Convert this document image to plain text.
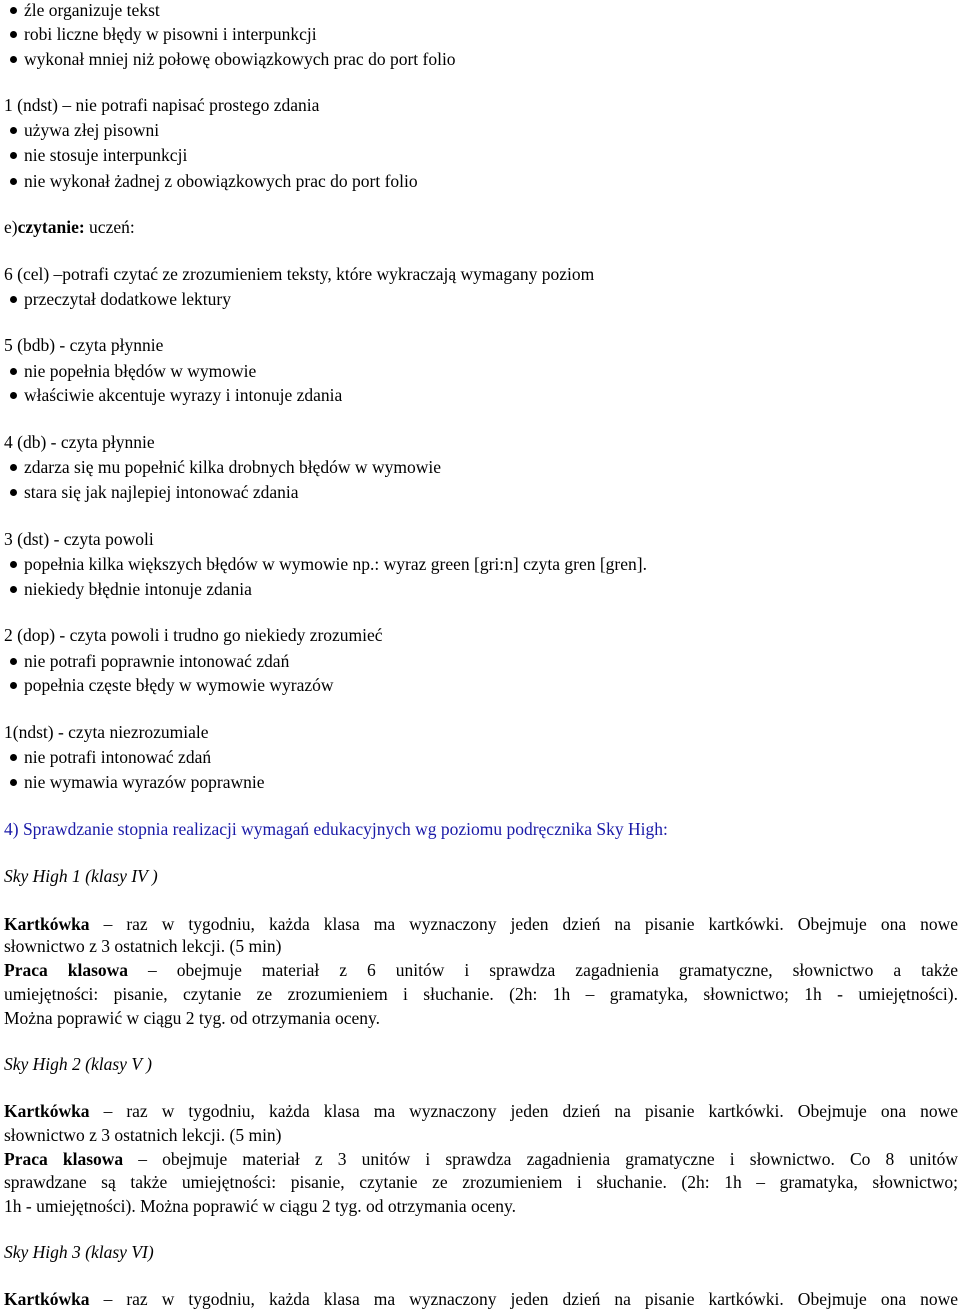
źle organizuje tekst

robi liczne błędy w pisowni i interpunkcji

wykonał mniej niż połowę obowiązkowych prac do port folio

1 (ndst) – nie potrafi napisać prostego zdania

używa złej pisowni

nie stosuje interpunkcji

nie wykonał żadnej z obowiązkowych prac do port folio

e)czytanie: uczeń:

6 (cel) –potrafi czytać ze zrozumieniem teksty, które wykraczają wymagany poziom

przeczytał dodatkowe lektury

5 (bdb) - czyta płynnie

nie popełnia błędów w wymowie

właściwie akcentuje wyrazy i intonuje zdania

4 (db) - czyta płynnie

zdarza się mu popełnić kilka drobnych błędów w wymowie

stara się jak najlepiej intonować zdania

3 (dst) - czyta powoli

popełnia kilka większych błędów w wymowie np.: wyraz green [gri:n] czyta gren [gren].

niekiedy błędnie intonuje zdania

2 (dop) - czyta powoli i trudno go niekiedy zrozumieć

nie potrafi poprawnie intonować zdań

popełnia częste błędy w wymowie wyrazów

1(ndst) - czyta niezrozumiale

nie potrafi intonować zdań

nie wymawia wyrazów poprawnie

4) Sprawdzanie stopnia realizacji wymagań edukacyjnych wg poziomu podręcznika Sky High:

Sky High 1 (klasy IV )

Kartkówka – raz w tygodniu, każda klasa ma wyznaczony jeden dzień na pisanie kartkówki. Obejmuje ona nowe

słownictwo z 3 ostatnich lekcji. (5 min)

Praca klasowa – obejmuje materiał z 6 unitów i sprawdza zagadnienia gramatyczne, słownictwo a także

umiejętności: pisanie, czytanie ze zrozumieniem i słuchanie. (2h: 1h – gramatyka, słownictwo; 1h - umiejętności).

Można poprawić w ciągu 2 tyg. od otrzymania oceny.

Sky High 2 (klasy V )

Kartkówka – raz w tygodniu, każda klasa ma wyznaczony jeden dzień na pisanie kartkówki. Obejmuje ona nowe

słownictwo z 3 ostatnich lekcji. (5 min)

Praca klasowa – obejmuje materiał z 3 unitów i sprawdza zagadnienia gramatyczne i słownictwo. Co 8 unitów

sprawdzane są także umiejętności: pisanie, czytanie ze zrozumieniem i słuchanie. (2h: 1h – gramatyka, słownictwo;

1h - umiejętności). Można poprawić w ciągu 2 tyg. od otrzymania oceny.

Sky High 3 (klasy VI)

Kartkówka – raz w tygodniu, każda klasa ma wyznaczony jeden dzień na pisanie kartkówki. Obejmuje ona nowe
